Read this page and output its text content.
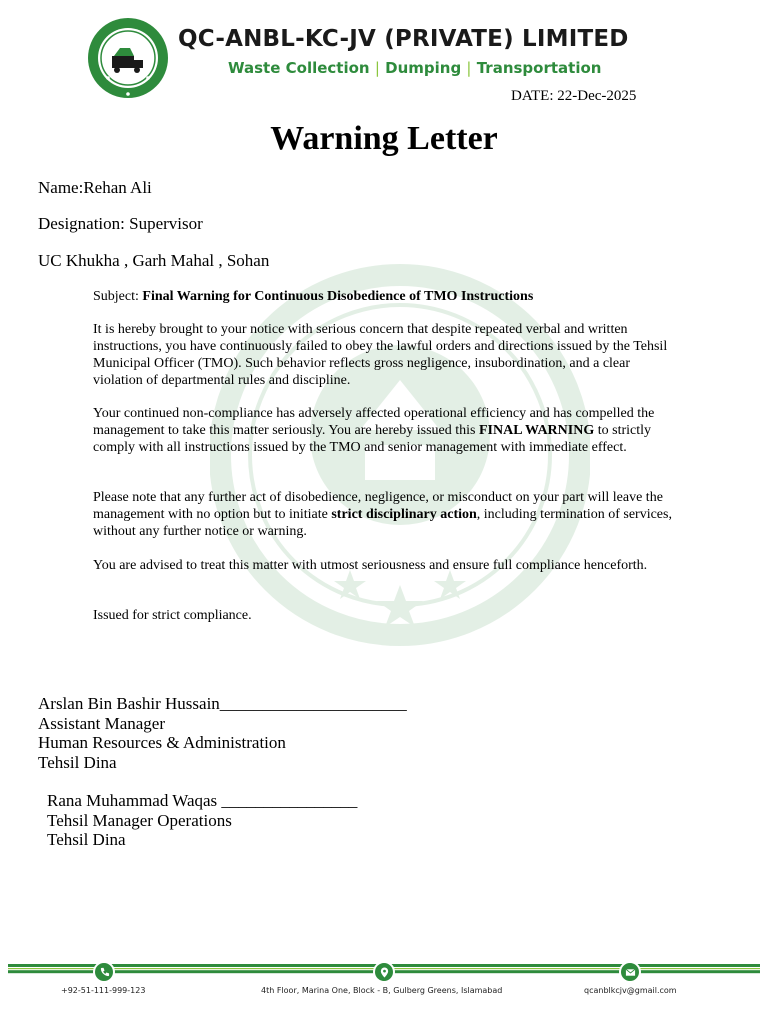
QC-ANBL-KC-JV (PRIVATE) LIMITED
Waste Collection | Dumping | Transportation
DATE: 22-Dec-2025
Warning Letter
Name:Rehan Ali
Designation: Supervisor
UC Khukha , Garh Mahal , Sohan
Subject: Final Warning for Continuous Disobedience of TMO Instructions

It is hereby brought to your notice with serious concern that despite repeated verbal and written instructions, you have continuously failed to obey the lawful orders and directions issued by the Tehsil Municipal Officer (TMO). Such behavior reflects gross negligence, insubordination, and a clear violation of departmental rules and discipline.

Your continued non-compliance has adversely affected operational efficiency and has compelled the management to take this matter seriously. You are hereby issued this FINAL WARNING to strictly comply with all instructions issued by the TMO and senior management with immediate effect.

Please note that any further act of disobedience, negligence, or misconduct on your part will leave the management with no option but to initiate strict disciplinary action, including termination of services, without any further notice or warning.

You are advised to treat this matter with utmost seriousness and ensure full compliance henceforth.

Issued for strict compliance.

Arslan Bin Bashir Hussain______________________
Assistant Manager
Human Resources & Administration
Tehsil Dina
Rana Muhammad Waqas ________________
Tehsil Manager Operations
Tehsil Dina
+92-51-111-999-123	4th Floor, Marina One, Block - B, Gulberg Greens, Islamabad	qcanblkcjv@gmail.com
